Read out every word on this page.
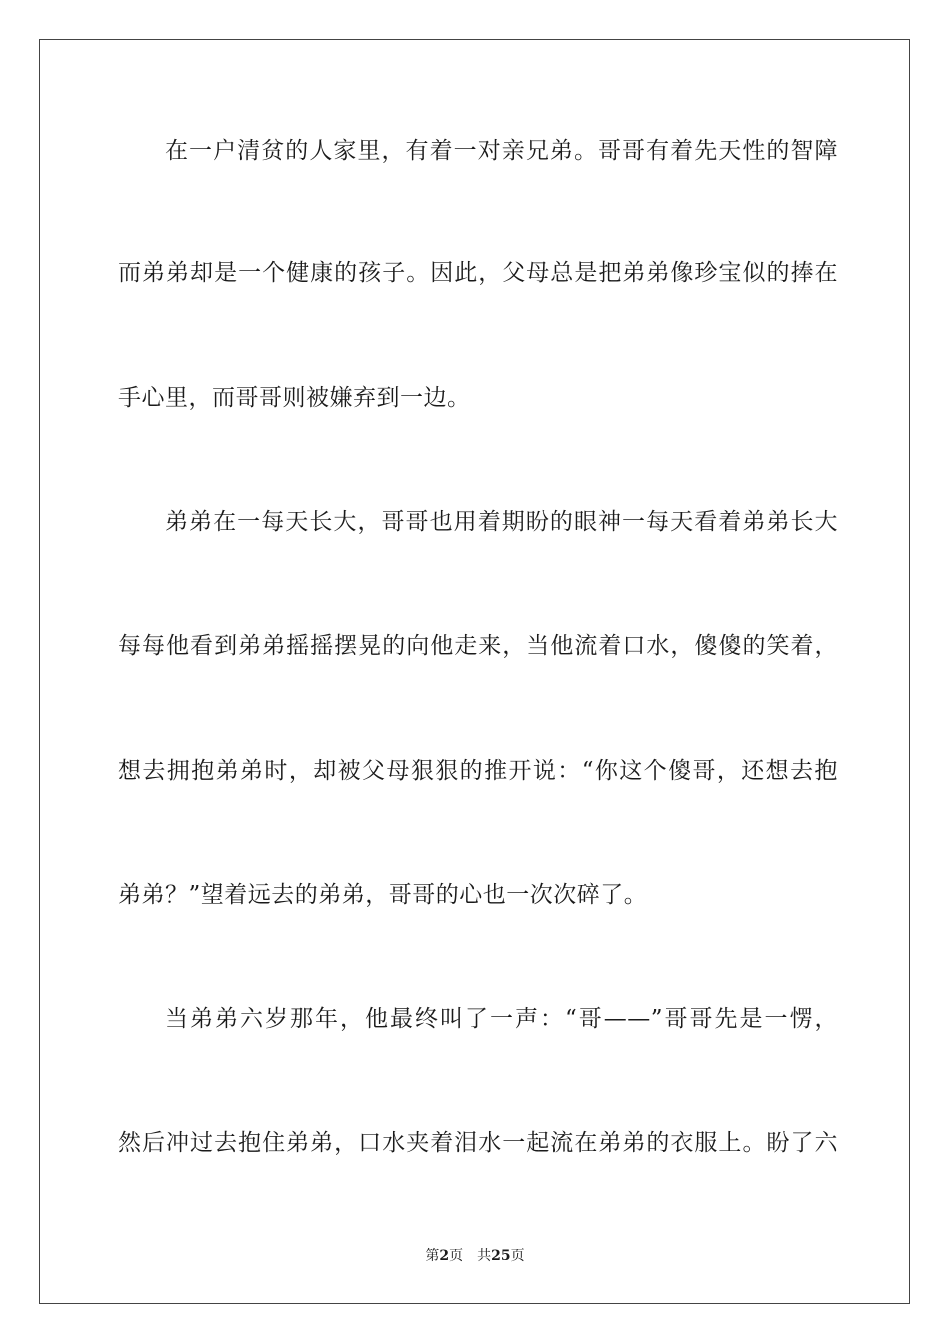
在一户清贫的人家里，有着一对亲兄弟。哥哥有着先天性的智障
而弟弟却是一个健康的孩子。因此，父母总是把弟弟像珍宝似的捧在
手心里，而哥哥则被嫌弃到一边。
弟弟在一每天长大，哥哥也用着期盼的眼神一每天看着弟弟长大
每每他看到弟弟摇摇摆晃的向他走来，当他流着口水，傻傻的笑着，
想去拥抱弟弟时，却被父母狠狠的推开说：“你这个傻哥，还想去抱
弟弟？”望着远去的弟弟，哥哥的心也一次次碎了。
当弟弟六岁那年，他最终叫了一声：“哥——”哥哥先是一愣，
然后冲过去抱住弟弟，口水夹着泪水一起流在弟弟的衣服上。盼了六
第2页 共25页
